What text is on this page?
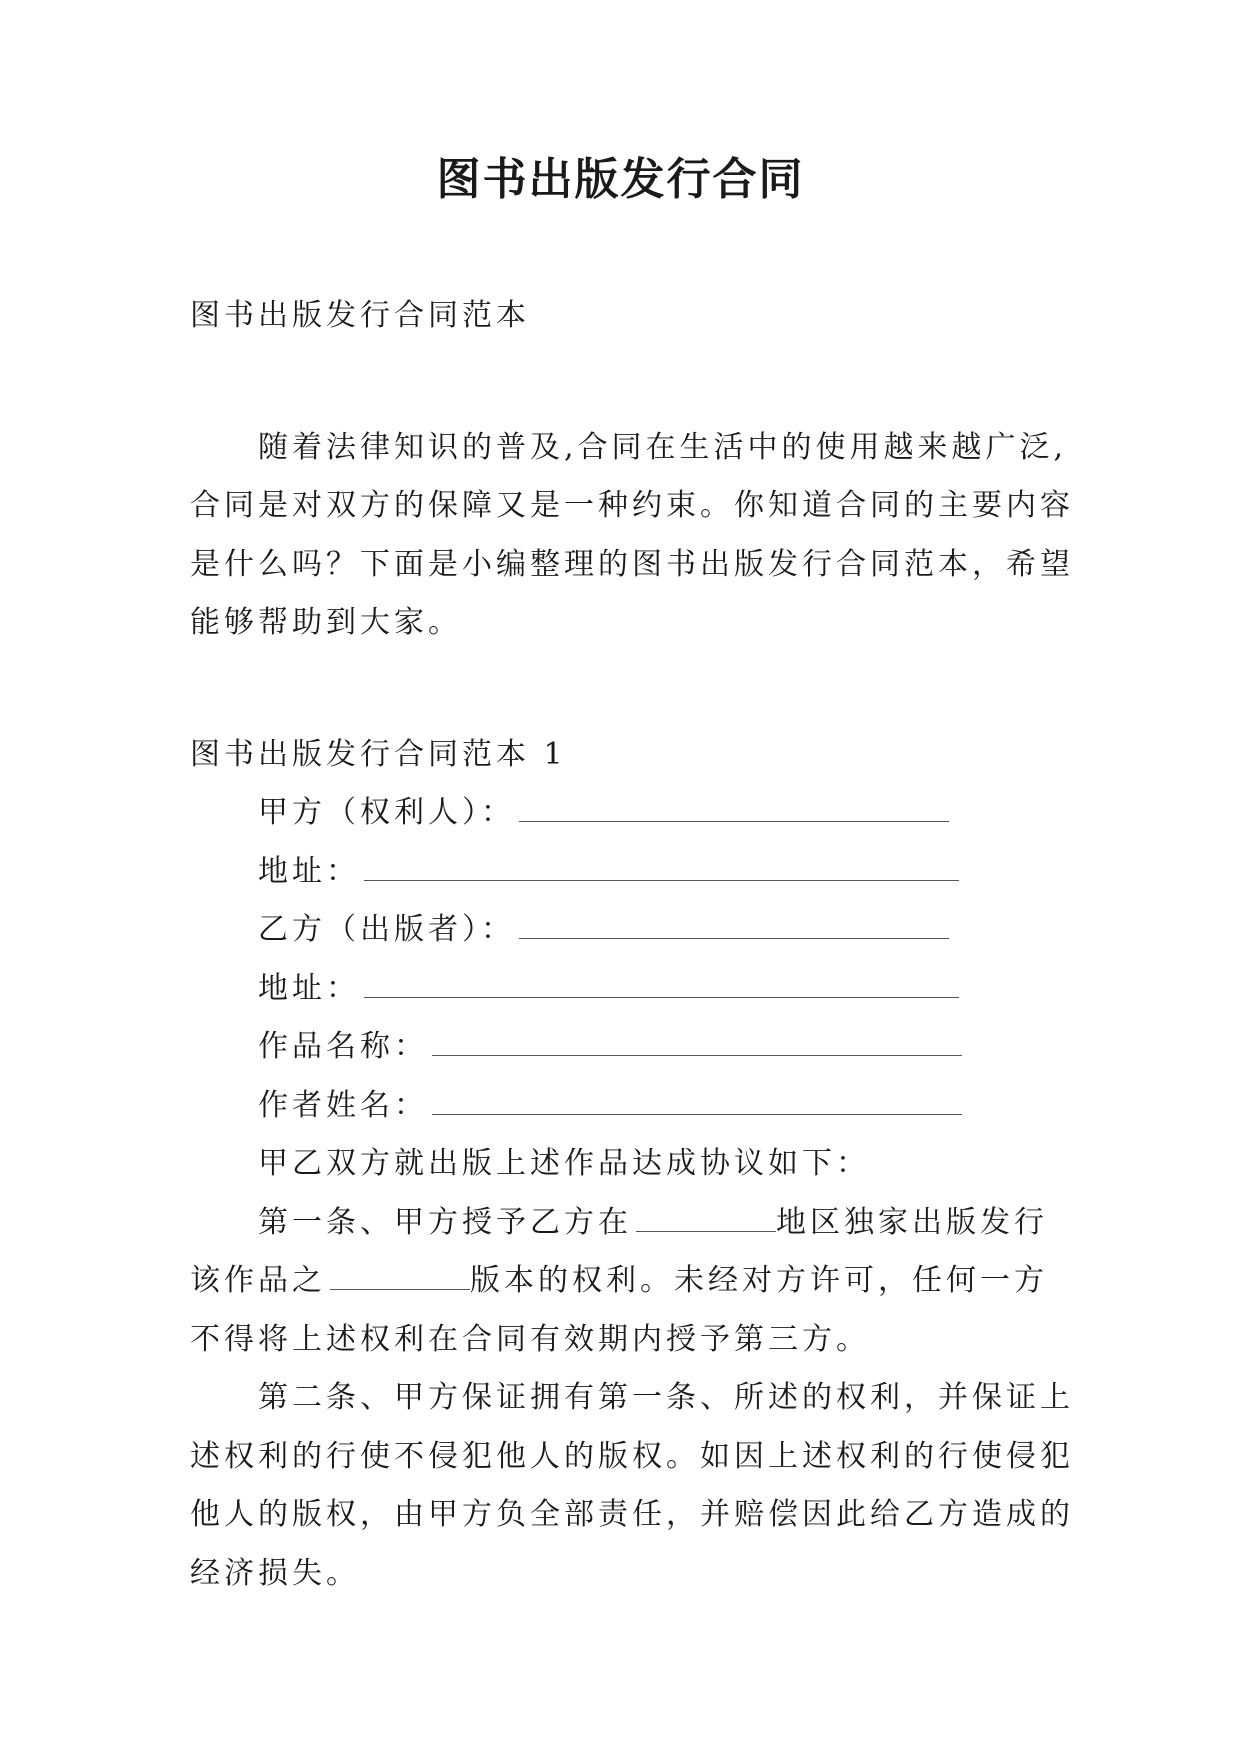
图书出版发行合同

图书出版发行合同范本

随着法律知识的普及,合同在生活中的使用越来越广泛,

合同是对双方的保障又是一种约束。你知道合同的主要内容

是什么吗？下面是小编整理的图书出版发行合同范本，希望

能够帮助到大家。

图书出版发行合同范本 1

甲方（权利人）：

地址：

乙方（出版者）：

地址：

作品名称：

作者姓名：

甲乙双方就出版上述作品达成协议如下：

第一条、甲方授予乙方在	地区独家出版发行

该作品之	版本的权利。未经对方许可，任何一方

不得将上述权利在合同有效期内授予第三方。

第二条、甲方保证拥有第一条、所述的权利，并保证上

述权利的行使不侵犯他人的版权。如因上述权利的行使侵犯

他人的版权，由甲方负全部责任，并赔偿因此给乙方造成的

经济损失。
